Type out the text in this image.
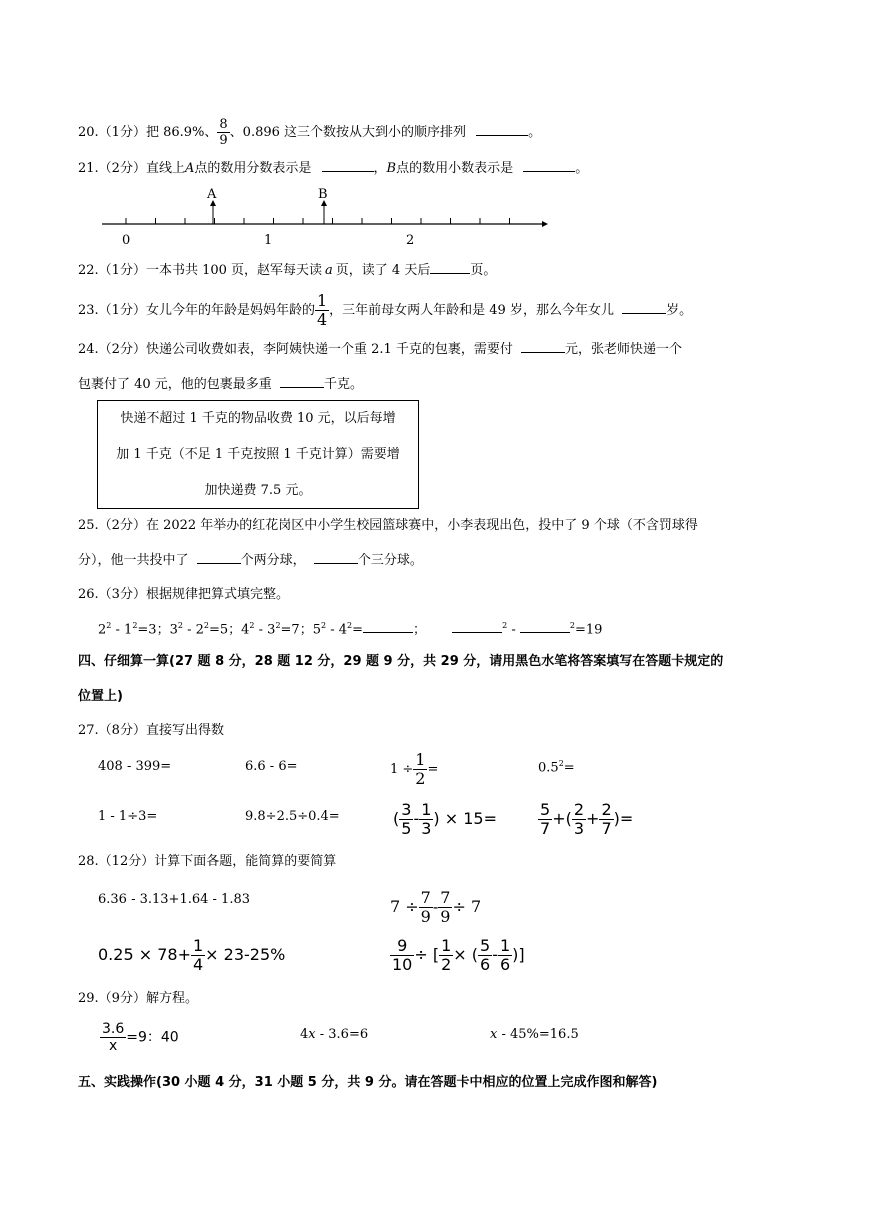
20.（1分）把 86.9%、 $\frac{8}{9}$ 、0.896 这三个数按从大到小的顺序排列	。
21.（2分）直线上A点的数用分数表示是	，B点的数用小数表示是	。
A	B
0	1	2
22.（1分）一本书共 100 页，赵军每天读 a 页，读了 4 天后	页。
23.（1分）女儿今年的年龄是妈妈年龄的 $\frac{1}{4}$ ，三年前母女两人年龄和是 49 岁，那么今年女儿	岁。
24.（2分）快递公司收费如表，李阿姨快递一个重 2.1 千克的包裹，需要付	元，张老师快递一个
包裹付了 40 元，他的包裹最多重	千克。
快递不超过 1 千克的物品收费 10 元，以后每增
加 1 千克（不足 1 千克按照 1 千克计算）需要增
加快递费 7.5 元。
25.（2分）在 2022 年举办的红花岗区中小学生校园篮球赛中，小李表现出色，投中了 9 个球（不含罚球得
分），他一共投中了	个两分球，	个三分球。
26.（3分）根据规律把算式填完整。
$2^2 - 1^2=3$；$3^2 - 2^2=5$；$4^2 - 3^2=7$；$5^2 - 4^2=$	；	$^2$ -	$^2$=19
四、仔细算一算(27 题 8 分，28 题 12 分，29 题 9 分，共 29 分，请用黑色水笔将答案填写在答题卡规定的
位置上)
27.（8分）直接写出得数
408 - 399=	6.6 - 6=	$1 \div \frac{1}{2}$ =	$0.5^2=$
1 - 1÷3=	9.8÷2.5÷0.4=	( $\frac{3}{5} - \frac{1}{3}$ ) × 15=	$\frac{5}{7}$ +( $\frac{2}{3} + \frac{2}{7}$ )=
28.（12分）计算下面各题，能简算的要简算
6.36 - 3.13+1.64 - 1.83	$7 \div \frac{7}{9} - \frac{7}{9} \div 7$
$0.25 \times 78+ \frac{1}{4} \times 23-25\%$	$\frac{9}{10}$ ÷ [ $\frac{1}{2}$ × ( $\frac{5}{6} - \frac{1}{6}$ )]
29.（9分）解方程。
$\frac{3.6}{x} =9$：40	4x - 3.6=6	x - 45%=16.5
五、实践操作(30 小题 4 分，31 小题 5 分，共 9 分。请在答题卡中相应的位置上完成作图和解答)
